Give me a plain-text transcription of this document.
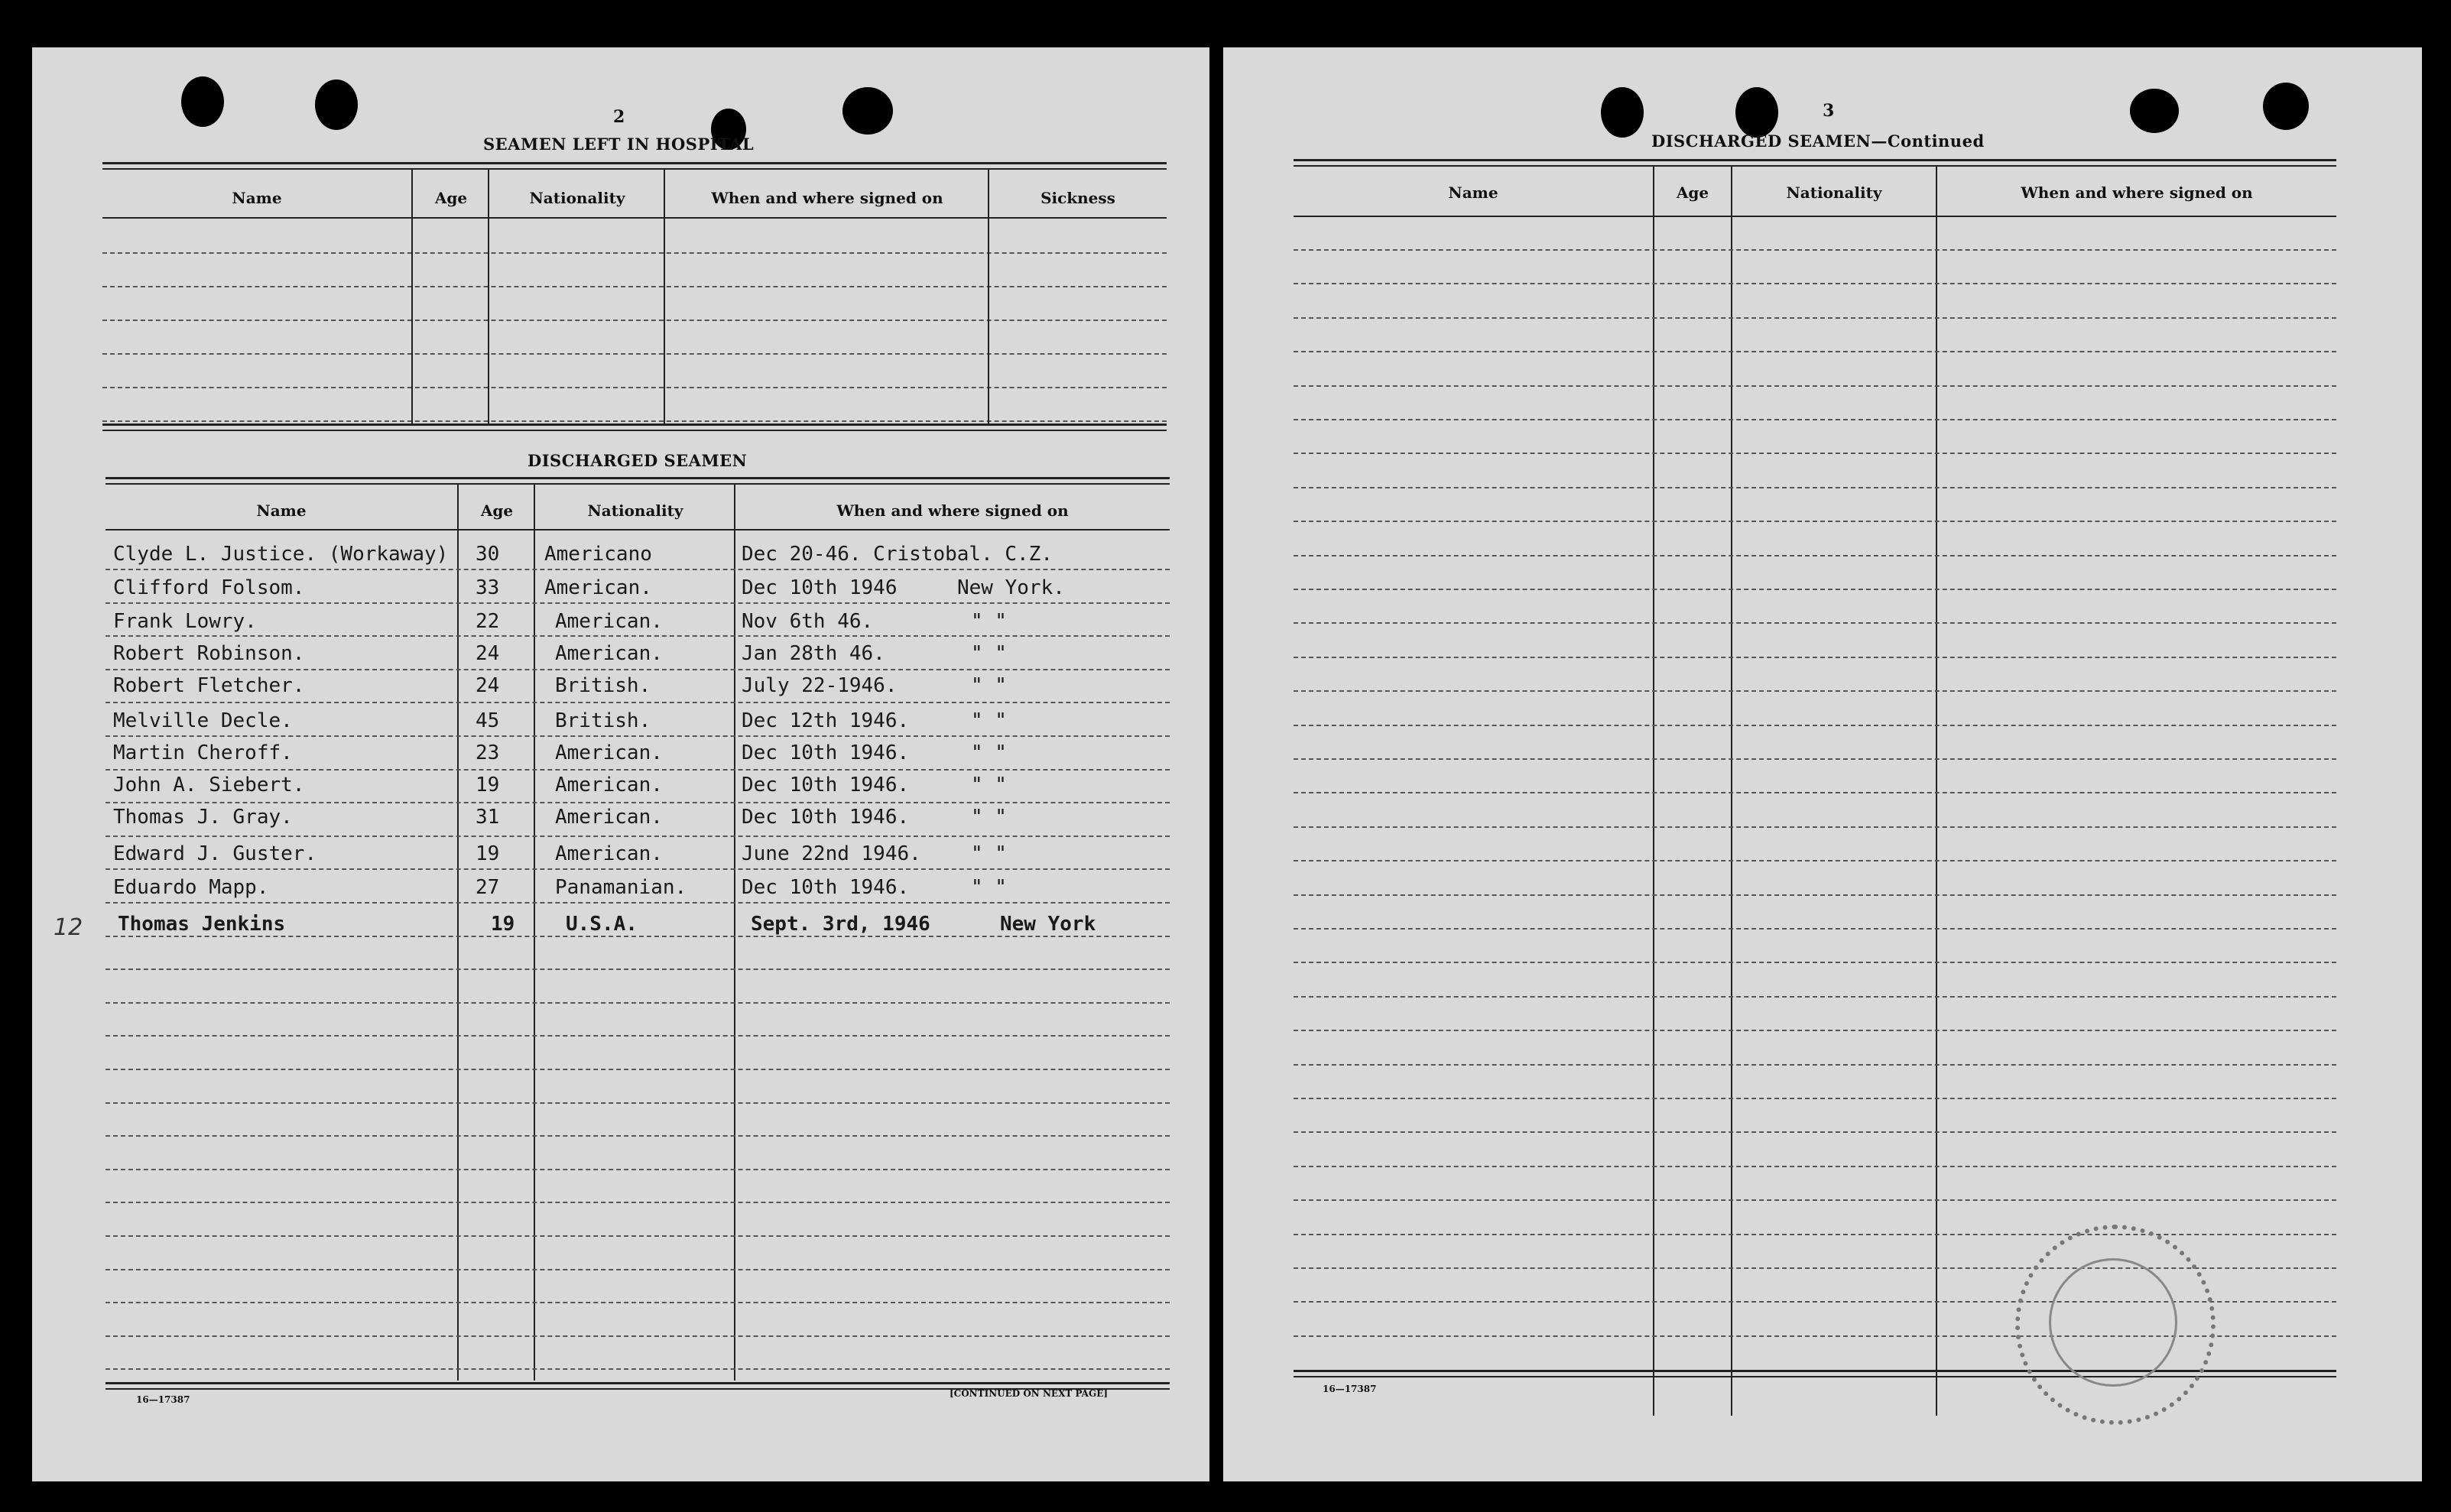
2
SEAMEN LEFT IN HOSPITAL
Name	Age	Nationality	When and where signed on	Sickness
DISCHARGED SEAMEN
Name	Age	Nationality	When and where signed on
Clyde L. Justice. (Workaway) 30 Americano	Dec 20-46. Cristobal. C.Z.
Clifford Folsom.	33 American.	Dec 10th 1946	New York.
Frank Lowry.	22	American.	Nov 6th 46.	" "
Robert Robinson.	24	American.	Jan 28th 46.	" "
Robert Fletcher.	24	British.	July 22-1946.	" "
Melville Decle.	45	British.	Dec 12th 1946.	" "
Martin Cheroff.	23	American.	Dec 10th 1946.	" "
John A. Siebert.	19	American.	Dec 10th 1946.	" "
Thomas J. Gray.	31	American.	Dec 10th 1946.	" "
Edward J. Guster.	19	American.	June 22nd 1946.	" "
Eduardo Mapp.	27	Panamanian.	Dec 10th 1946.	" "
Thomas Jenkins	19	U.S.A.	Sept. 3rd, 1946	New York
12
16—17387
[CONTINUED ON NEXT PAGE]
3
DISCHARGED SEAMEN—Continued
Name	Age	Nationality	When and where signed on
16—17387
